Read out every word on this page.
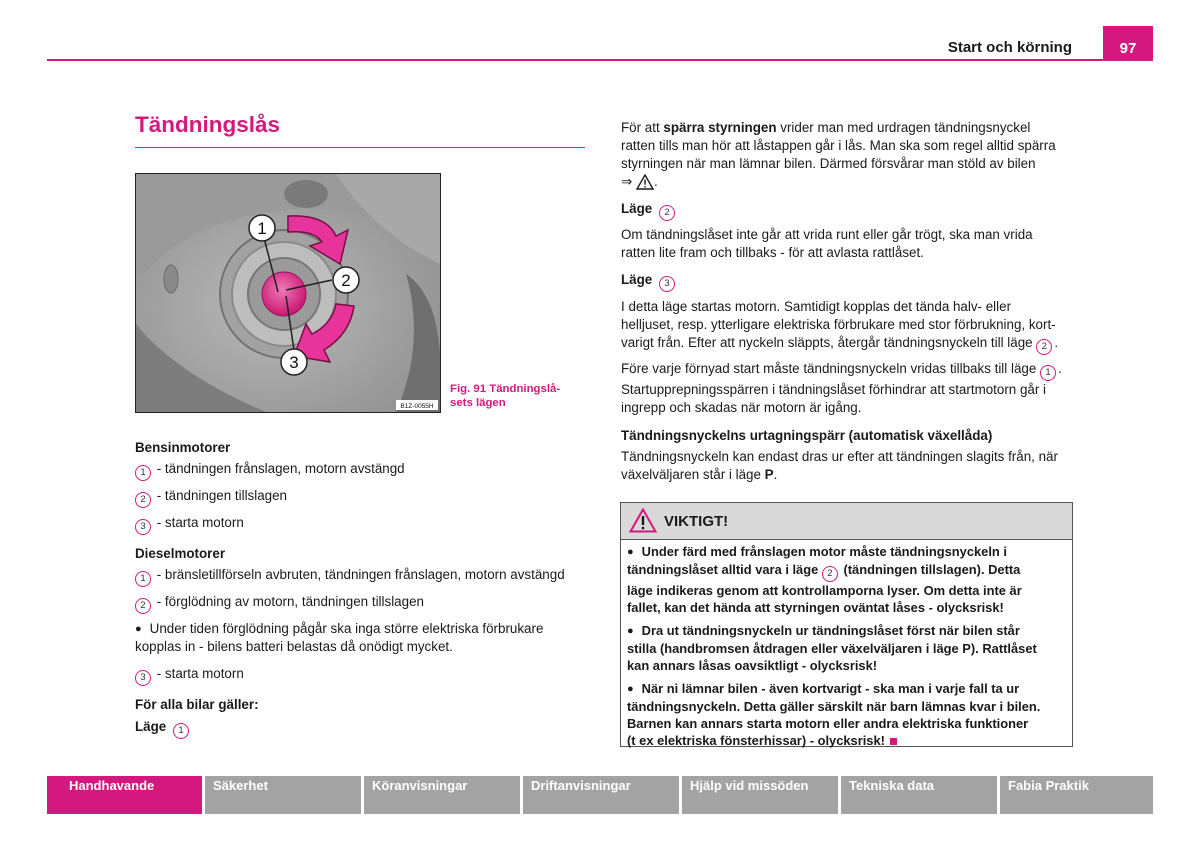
Start och körning	97
Tändningslås
1
2
3
B1Z-0055H
Fig. 91 Tändningslå-
sets lägen
Bensinmotorer
1 - tändningen frånslagen, motorn avstängd
2 - tändningen tillslagen
3 - starta motorn
Dieselmotorer
1 - bränsletillförseln avbruten, tändningen frånslagen, motorn avstängd
2 - förglödning av motorn, tändningen tillslagen
● Under tiden förglödning pågår ska inga större elektriska förbrukare
kopplas in - bilens batteri belastas då onödigt mycket.
3 - starta motorn
För alla bilar gäller:
Läge 1
För att spärra styrningen vrider man med urdragen tändningsnyckel
ratten tills man hör att låstappen går i lås. Man ska som regel alltid spärra
styrningen när man lämnar bilen. Därmed försvårar man stöld av bilen
⇒ .
Läge 2
Om tändningslåset inte går att vrida runt eller går trögt, ska man vrida
ratten lite fram och tillbaks - för att avlasta rattlåset.
Läge 3
I detta läge startas motorn. Samtidigt kopplas det tända halv- eller
helljuset, resp. ytterligare elektriska förbrukare med stor förbrukning, kort-
varigt från. Efter att nyckeln släppts, återgår tändningsnyckeln till läge 2 .
Före varje förnyad start måste tändningsnyckeln vridas tillbaks till läge 1 .
Startupprepningsspärren i tändningslåset förhindrar att startmotorn går i
ingrepp och skadas när motorn är igång.
Tändningsnyckelns urtagningspärr (automatisk växellåda)
Tändningsnyckeln kan endast dras ur efter att tändningen slagits från, när
växelväljaren står i läge P.
VIKTIGT!
● Under färd med frånslagen motor måste tändningsnyckeln i
tändningslåset alltid vara i läge 2 (tändningen tillslagen). Detta
läge indikeras genom att kontrollamporna lyser. Om detta inte är
fallet, kan det hända att styrningen oväntat låses - olycksrisk!
● Dra ut tändningsnyckeln ur tändningslåset först när bilen står
stilla (handbromsen åtdragen eller växelväljaren i läge P). Rattlåset
kan annars låsas oavsiktligt - olycksrisk!
● När ni lämnar bilen - även kortvarigt - ska man i varje fall ta ur
tändningsnyckeln. Detta gäller särskilt när barn lämnas kvar i bilen.
Barnen kan annars starta motorn eller andra elektriska funktioner
(t ex elektriska fönsterhissar) - olycksrisk!
Handhavande	Säkerhet	Köranvisningar	Driftanvisningar	Hjälp vid missöden	Tekniska data	Fabia Praktik
